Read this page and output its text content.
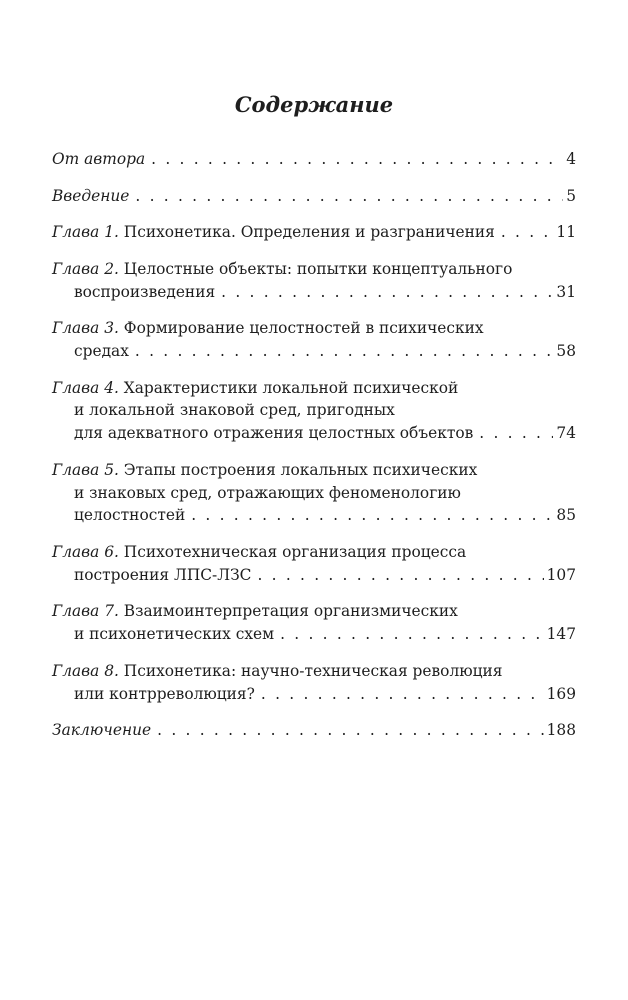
Содержание
От автора . . .	4
Введение . . .	5
Глава 1.
Психонетика. Определения и разграничения . . .	11
Глава 2.
Целостные объекты: попытки концептуального
воспроизведения . . .	31
Глава 3.
Формирование целостностей в психических
средах . . .	58
Глава 4.
Характеристики локальной психической
и локальной знаковой сред, пригодных
для адекватного отражения целостных объектов . . .	74
Глава 5.
Этапы построения локальных психических
и знаковых сред, отражающих феноменологию
целостностей . . .	85
Глава 6.
Психотехническая организация процесса
построения ЛПС-ЛЗС . . .	107
Глава 7.
Взаимоинтерпретация организмических
и психонетических схем . . .	147
Глава 8.
Психонетика: научно-техническая революция
или контрреволюция? . . .	169
Заключение . . .	188
